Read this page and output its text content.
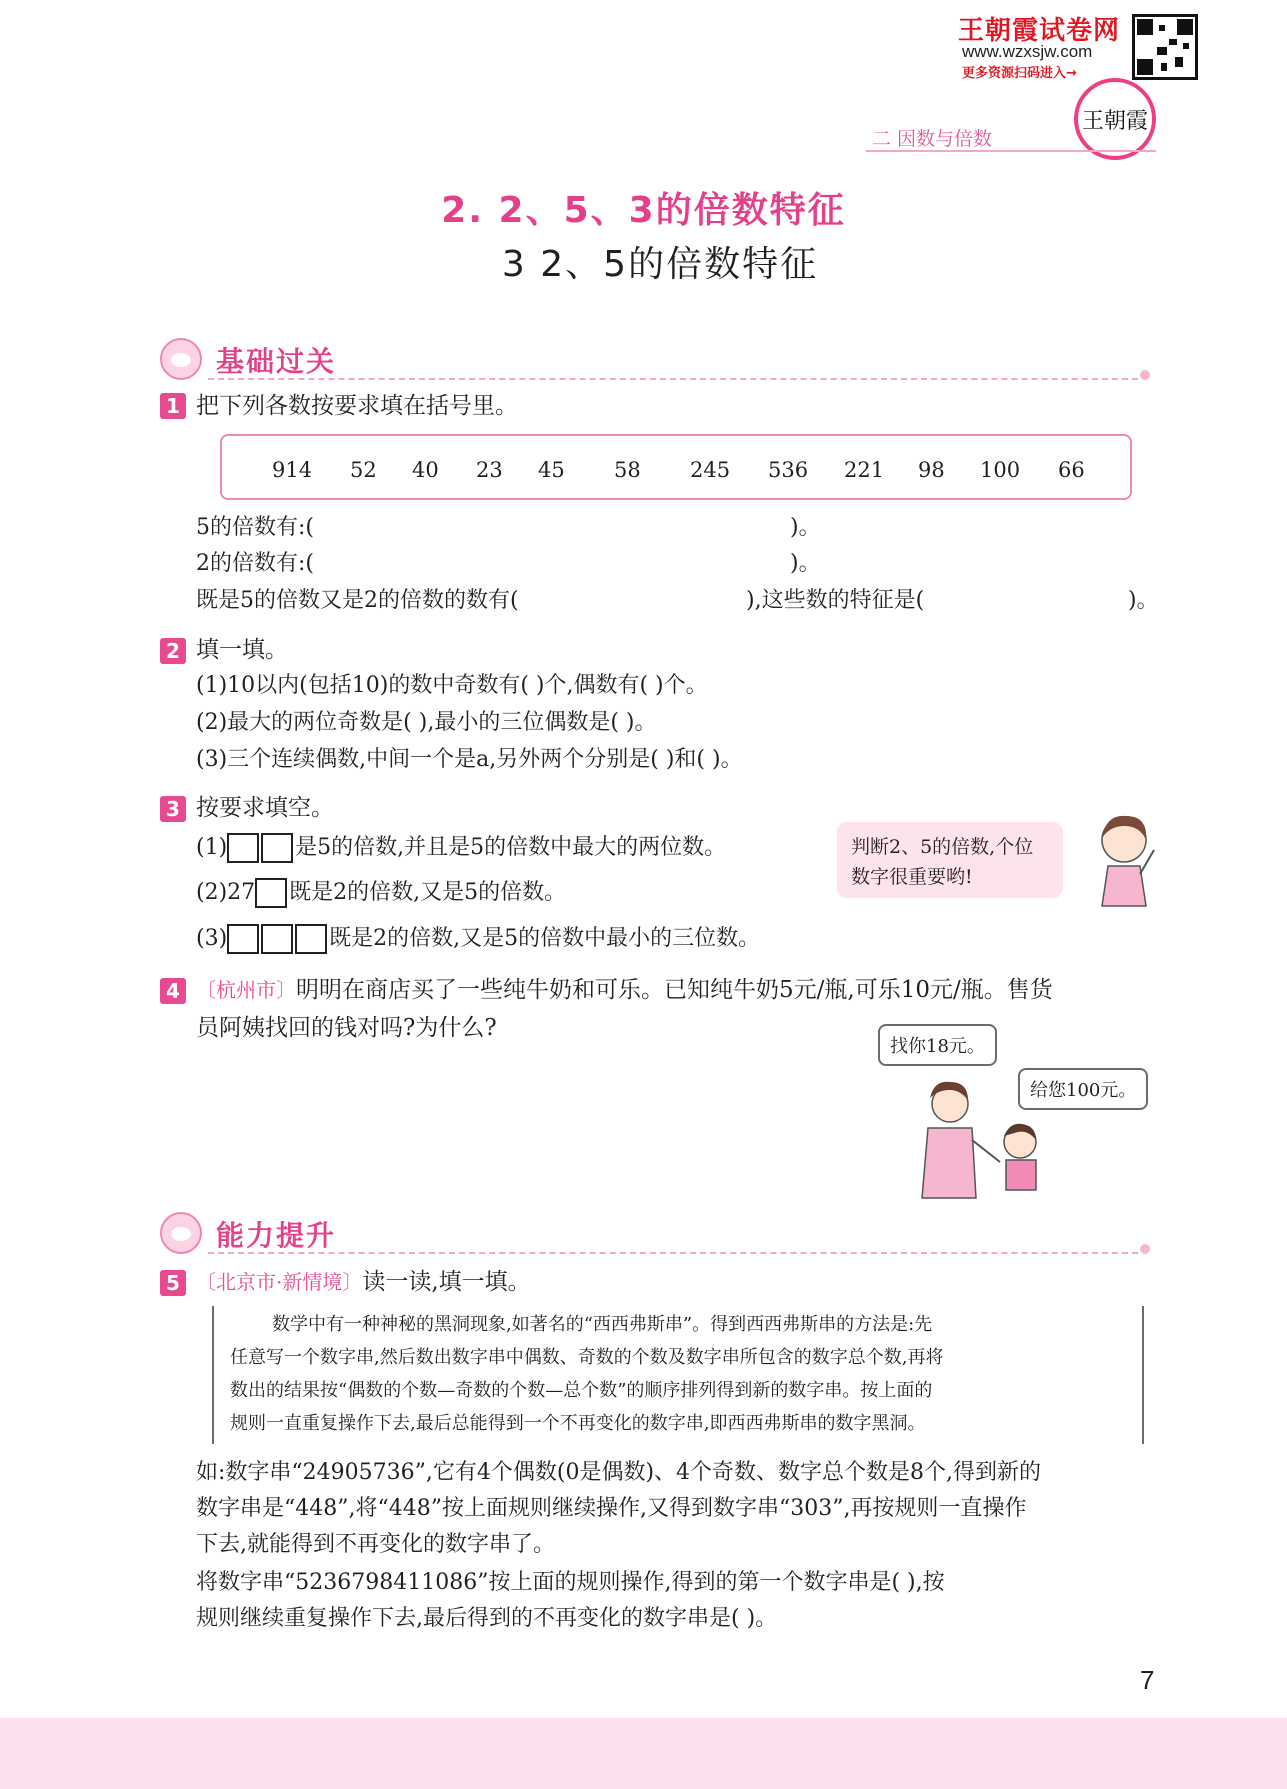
王朝霞试卷网
www.wzxsjw.com
更多资源扫码进入→
王朝霞
二 因数与倍数
2. 2、5、3的倍数特征
3 2、5的倍数特征
基础过关
1 把下列各数按要求填在括号里。
914 52 40 23 45 58 245 536 221 98 100 66
5的倍数有:(	)。
2的倍数有:(	)。
既是5的倍数又是2的倍数的数有(	),这些数的特征是(	)。
2 填一填。
(1)10以内(包括10)的数中奇数有( )个,偶数有( )个。
(2)最大的两位奇数是( ),最小的三位偶数是( )。
(3)三个连续偶数,中间一个是a,另外两个分别是( )和( )。
3 按要求填空。
(1)	是5的倍数,并且是5的倍数中最大的两位数。
(2)27 既是2的倍数,又是5的倍数。
(3)	既是2的倍数,又是5的倍数中最小的三位数。
判断2、5的倍数,个位
数字很重要哟!
4 〔杭州市〕明明在商店买了一些纯牛奶和可乐。已知纯牛奶5元/瓶,可乐10元/瓶。售货
员阿姨找回的钱对吗?为什么?
找你18元。
给您100元。
能力提升
5 〔北京市·新情境〕读一读,填一填。
数学中有一种神秘的黑洞现象,如著名的“西西弗斯串”。得到西西弗斯串的方法是:先
任意写一个数字串,然后数出数字串中偶数、奇数的个数及数字串所包含的数字总个数,再将
数出的结果按“偶数的个数—奇数的个数—总个数”的顺序排列得到新的数字串。按上面的
规则一直重复操作下去,最后总能得到一个不再变化的数字串,即西西弗斯串的数字黑洞。
如:数字串“24905736”,它有4个偶数(0是偶数)、4个奇数、数字总个数是8个,得到新的
数字串是“448”,将“448”按上面规则继续操作,又得到数字串“303”,再按规则一直操作
下去,就能得到不再变化的数字串了。
将数字串“5236798411086”按上面的规则操作,得到的第一个数字串是( ),按
规则继续重复操作下去,最后得到的不再变化的数字串是( )。
7
